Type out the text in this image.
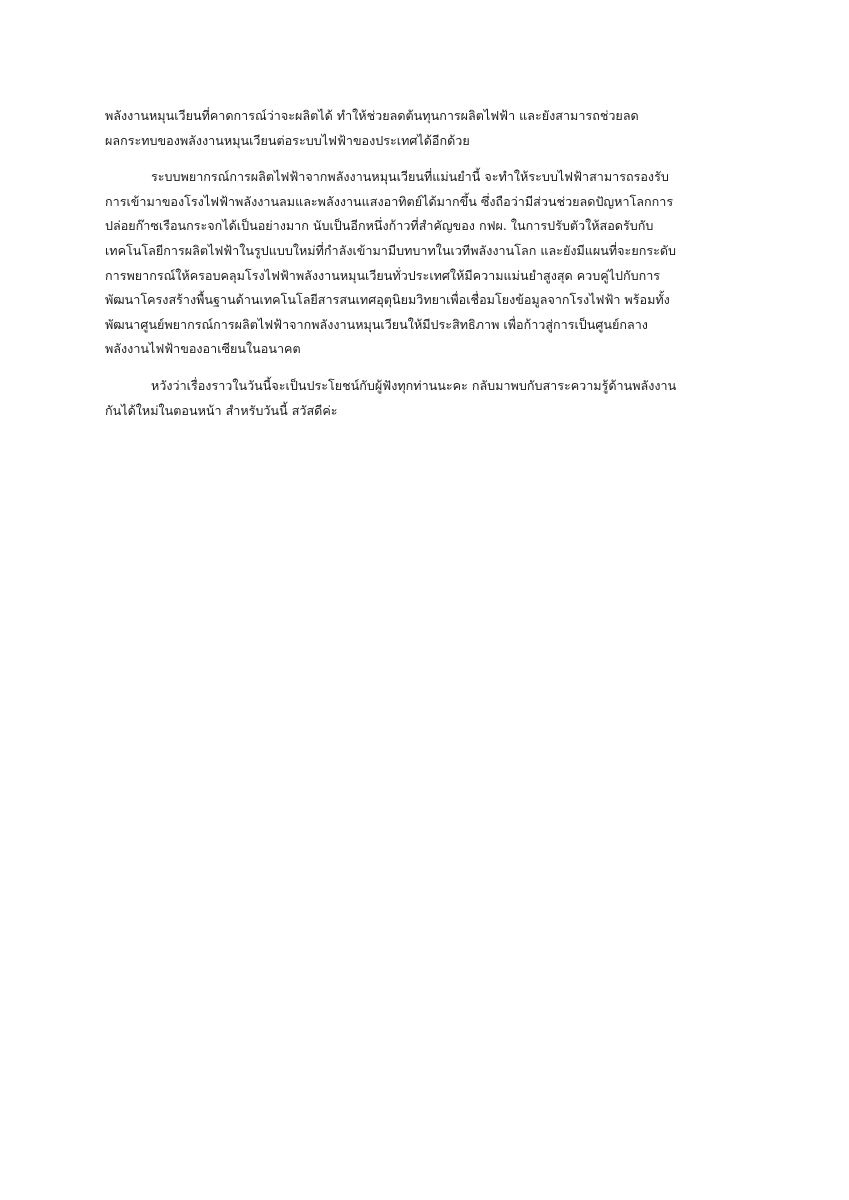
พลังงานหมุนเวียนที่คาดการณ์ว่าจะผลิตได้ ทำให้ช่วยลดต้นทุนการผลิตไฟฟ้า และยังสามารถช่วยลด
ผลกระทบของพลังงานหมุนเวียนต่อระบบไฟฟ้าของประเทศได้อีกด้วย
ระบบพยากรณ์การผลิตไฟฟ้าจากพลังงานหมุนเวียนที่แม่นยำนี้ จะทำให้ระบบไฟฟ้าสามารถรองรับ
การเข้ามาของโรงไฟฟ้าพลังงานลมและพลังงานแสงอาทิตย์ได้มากขึ้น ซึ่งถือว่ามีส่วนช่วยลดปัญหาโลกการ
ปล่อยก๊าซเรือนกระจกได้เป็นอย่างมาก นับเป็นอีกหนึ่งก้าวที่สำคัญของ กฟผ. ในการปรับตัวให้สอดรับกับ
เทคโนโลยีการผลิตไฟฟ้าในรูปแบบใหม่ที่กำลังเข้ามามีบทบาทในเวทีพลังงานโลก และยังมีแผนที่จะยกระดับ
การพยากรณ์ให้ครอบคลุมโรงไฟฟ้าพลังงานหมุนเวียนทั่วประเทศให้มีความแม่นยำสูงสุด ควบคู่ไปกับการ
พัฒนาโครงสร้างพื้นฐานด้านเทคโนโลยีสารสนเทศอุตุนิยมวิทยาเพื่อเชื่อมโยงข้อมูลจากโรงไฟฟ้า พร้อมทั้ง
พัฒนาศูนย์พยากรณ์การผลิตไฟฟ้าจากพลังงานหมุนเวียนให้มีประสิทธิภาพ เพื่อก้าวสู่การเป็นศูนย์กลาง
พลังงานไฟฟ้าของอาเซียนในอนาคต
หวังว่าเรื่องราวในวันนี้จะเป็นประโยชน์กับผู้ฟังทุกท่านนะคะ กลับมาพบกับสาระความรู้ด้านพลังงาน
กันได้ใหม่ในตอนหน้า สำหรับวันนี้ สวัสดีค่ะ
